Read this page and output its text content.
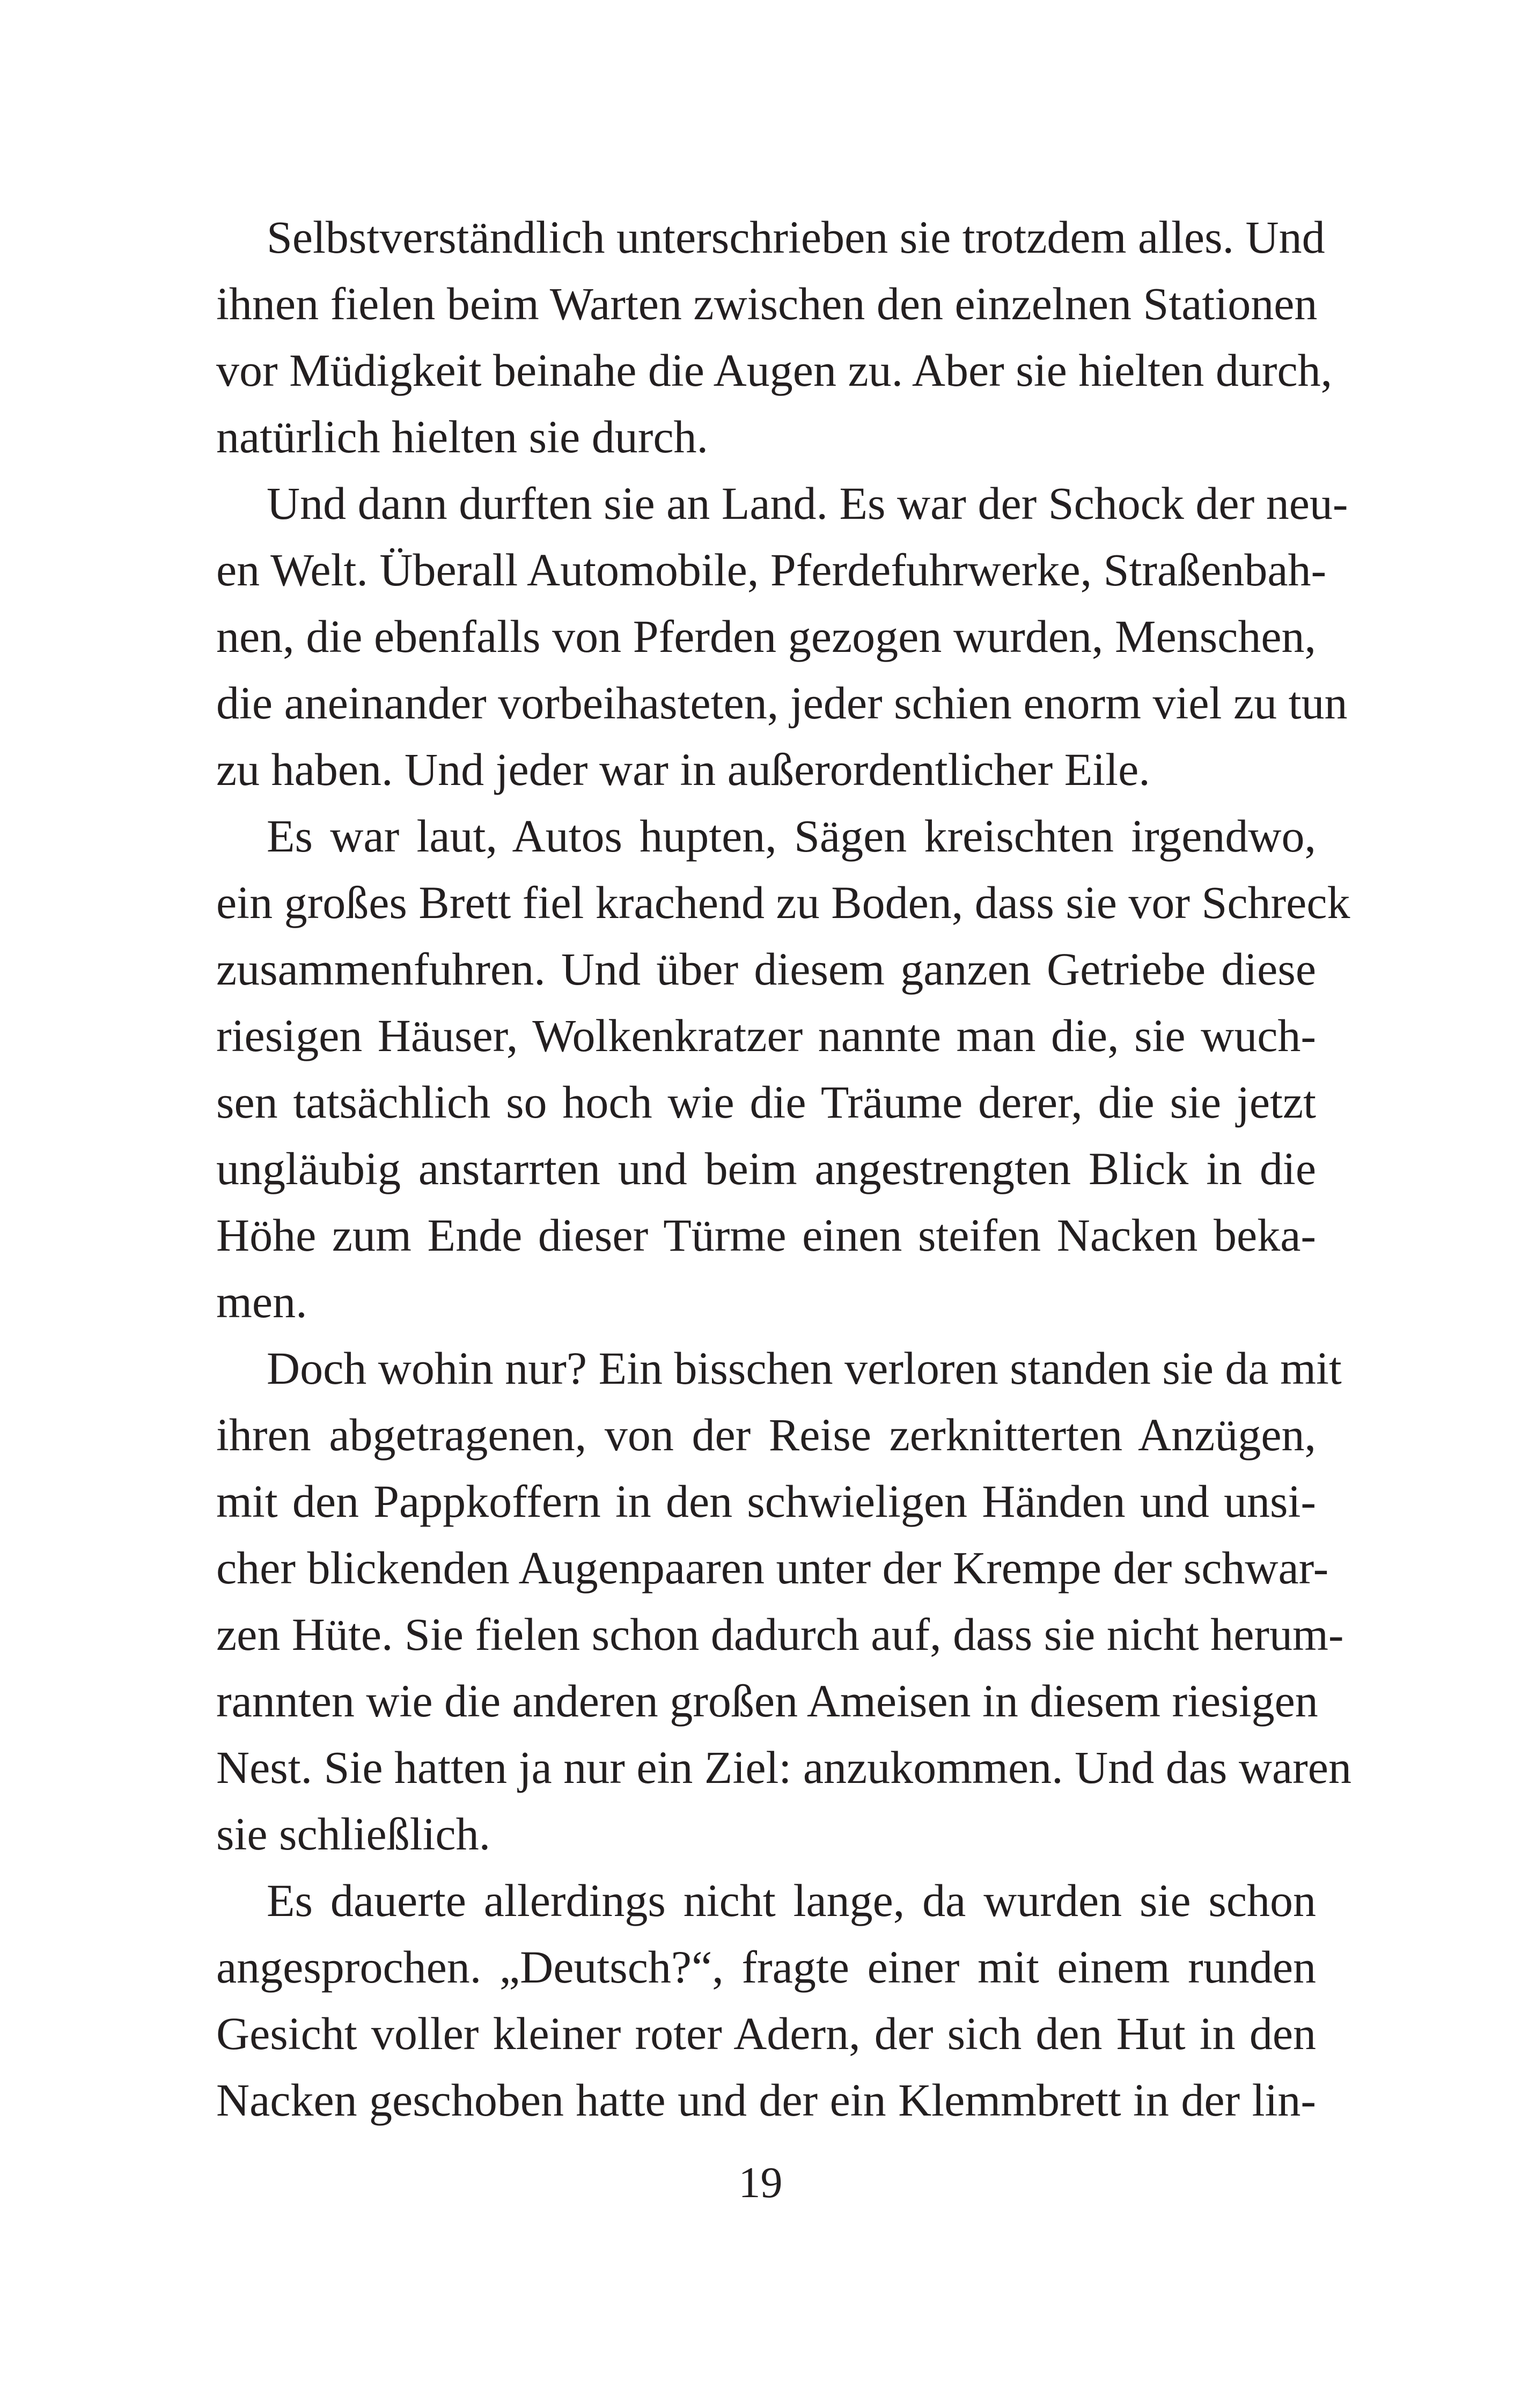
Selbstverständlich unterschrieben sie trotzdem alles. Und
ihnen fielen beim Warten zwischen den einzelnen Stationen
vor Müdigkeit beinahe die Augen zu. Aber sie hielten durch,
natürlich hielten sie durch.
Und dann durften sie an Land. Es war der Schock der neu-
en Welt. Überall Automobile, Pferdefuhrwerke, Straßenbah-
nen, die ebenfalls von Pferden gezogen wurden, Menschen,
die aneinander vorbeihasteten, jeder schien enorm viel zu tun
zu haben. Und jeder war in außerordentlicher Eile.
Es war laut, Autos hupten, Sägen kreischten irgendwo,
ein großes Brett fiel krachend zu Boden, dass sie vor Schreck
zusammenfuhren. Und über diesem ganzen Getriebe diese
riesigen Häuser, Wolkenkratzer nannte man die, sie wuch-
sen tatsächlich so hoch wie die Träume derer, die sie jetzt
ungläubig anstarrten und beim angestrengten Blick in die
Höhe zum Ende dieser Türme einen steifen Nacken beka-
men.
Doch wohin nur? Ein bisschen verloren standen sie da mit
ihren abgetragenen, von der Reise zerknitterten Anzügen,
mit den Pappkoffern in den schwieligen Händen und unsi-
cher blickenden Augenpaaren unter der Krempe der schwar-
zen Hüte. Sie fielen schon dadurch auf, dass sie nicht herum-
rannten wie die anderen großen Ameisen in diesem riesigen
Nest. Sie hatten ja nur ein Ziel: anzukommen. Und das waren
sie schließlich.
Es dauerte allerdings nicht lange, da wurden sie schon
angesprochen. „Deutsch?“, fragte einer mit einem runden
Gesicht voller kleiner roter Adern, der sich den Hut in den
Nacken geschoben hatte und der ein Klemmbrett in der lin-
19
